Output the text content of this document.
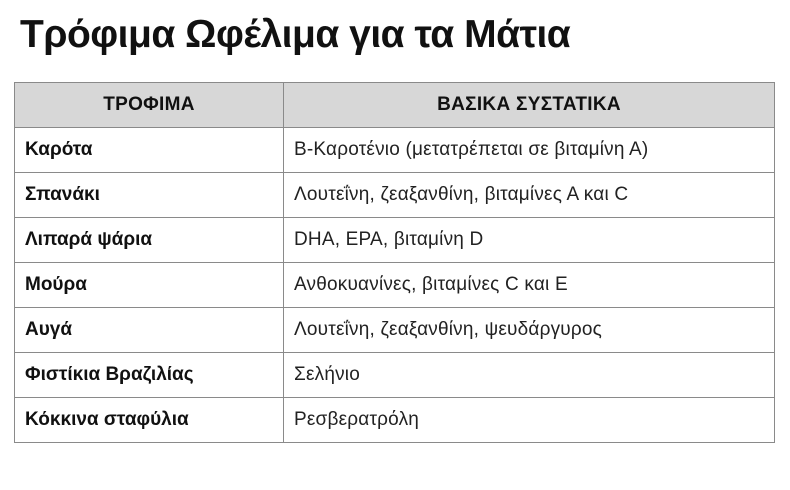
Τρόφιμα Ωφέλιμα για τα Μάτια
ΤΡΟΦΙΜΑ	ΒΑΣΙΚΑ ΣΥΣΤΑΤΙΚΑ
Καρότα	Β-Καροτένιο (μετατρέπεται σε βιταμίνη Α)
Σπανάκι	Λουτεΐνη, ζεαξανθίνη, βιταμίνες Α και C
Λιπαρά ψάρια	DHA, EPA, βιταμίνη D
Μούρα	Ανθοκυανίνες, βιταμίνες C και Ε
Αυγά	Λουτεΐνη, ζεαξανθίνη, ψευδάργυρος
Φιστίκια Βραζιλίας	Σελήνιο
Κόκκινα σταφύλια	Ρεσβερατρόλη
